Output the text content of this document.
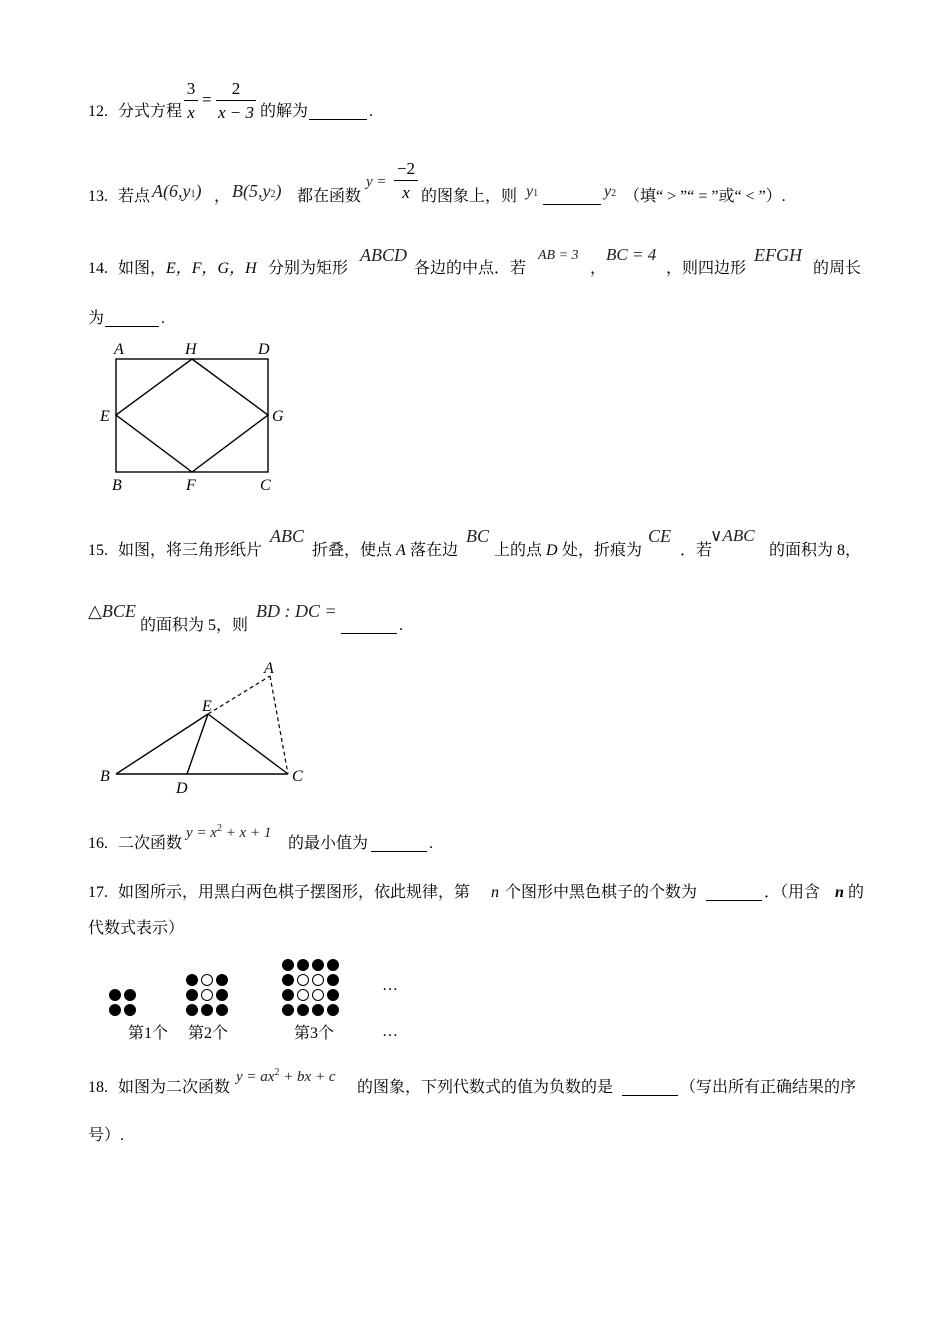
12. 分式方程
3
x
=
2
x − 3 的解为	.
13. 若点 A(6,y1) ， B(5,y2) 都在函数
y =
−2
x 的图象上，则 y1	y2 （填“ > ”“ = ”或“ < ”）.
14. 如图， E，F，G，H 分别为矩形
ABCD
各边的中点．若
AB = 3
，
BC = 4
，则四边形
EFGH
的周长
为	.
A	H	D
E	G
B	F	C
15. 如图，将三角形纸片
ABC
折叠，使点 A 落在边
BC
上的点 D 处，折痕为
CE
．若
∨ABC
的面积为 8，
△BCE
的面积为 5，则
BD : DC =
.
A
E
B
D
C
16. 二次函数
$y = x^2 + x + 1$
的最小值为	.
17. 如图所示，用黑白两色棋子摆图形，依此规律，第 n 个图形中黑色棋子的个数为	．（用含 n 的
代数式表示）
第1个 第2个	第3个
…
…
18. 如图为二次函数
$y = ax^2$ + bx + c
的图象，下列代数式的值为负数的是	（写出所有正确结果的序
号）.
